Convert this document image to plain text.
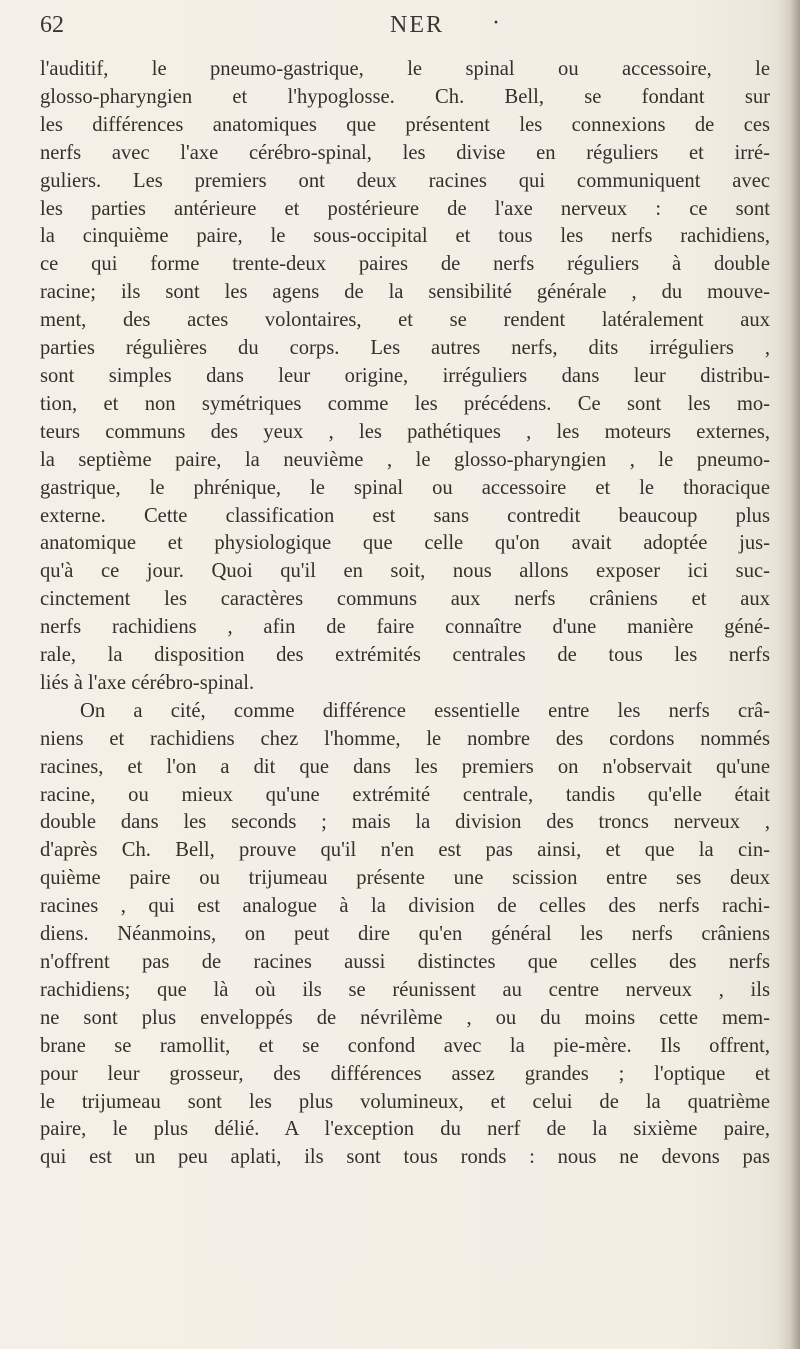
62	NER ·
l'auditif, le pneumo-gastrique, le spinal ou accessoire, le
glosso-pharyngien et l'hypoglosse. Ch. Bell, se fondant sur
les différences anatomiques que présentent les connexions de ces
nerfs avec l'axe cérébro-spinal, les divise en réguliers et irré-
guliers. Les premiers ont deux racines qui communiquent avec
les parties antérieure et postérieure de l'axe nerveux : ce sont
la cinquième paire, le sous-occipital et tous les nerfs rachidiens,
ce qui forme trente-deux paires de nerfs réguliers à double
racine; ils sont les agens de la sensibilité générale , du mouve-
ment, des actes volontaires, et se rendent latéralement aux
parties régulières du corps. Les autres nerfs, dits irréguliers ,
sont simples dans leur origine, irréguliers dans leur distribu-
tion, et non symétriques comme les précédens. Ce sont les mo-
teurs communs des yeux , les pathétiques , les moteurs externes,
la septième paire, la neuvième , le glosso-pharyngien , le pneumo-
gastrique, le phrénique, le spinal ou accessoire et le thoracique
externe. Cette classification est sans contredit beaucoup plus
anatomique et physiologique que celle qu'on avait adoptée jus-
qu'à ce jour. Quoi qu'il en soit, nous allons exposer ici suc-
cinctement les caractères communs aux nerfs crâniens et aux
nerfs rachidiens , afin de faire connaître d'une manière géné-
rale, la disposition des extrémités centrales de tous les nerfs
liés à l'axe cérébro-spinal.
On a cité, comme différence essentielle entre les nerfs crâ-
niens et rachidiens chez l'homme, le nombre des cordons nommés
racines, et l'on a dit que dans les premiers on n'observait qu'une
racine, ou mieux qu'une extrémité centrale, tandis qu'elle était
double dans les seconds ; mais la division des troncs nerveux ,
d'après Ch. Bell, prouve qu'il n'en est pas ainsi, et que la cin-
quième paire ou trijumeau présente une scission entre ses deux
racines , qui est analogue à la division de celles des nerfs rachi-
diens. Néanmoins, on peut dire qu'en général les nerfs crâniens
n'offrent pas de racines aussi distinctes que celles des nerfs
rachidiens; que là où ils se réunissent au centre nerveux , ils
ne sont plus enveloppés de névrilème , ou du moins cette mem-
brane se ramollit, et se confond avec la pie-mère. Ils offrent,
pour leur grosseur, des différences assez grandes ; l'optique et
le trijumeau sont les plus volumineux, et celui de la quatrième
paire, le plus délié. A l'exception du nerf de la sixième paire,
qui est un peu aplati, ils sont tous ronds : nous ne devons pas
